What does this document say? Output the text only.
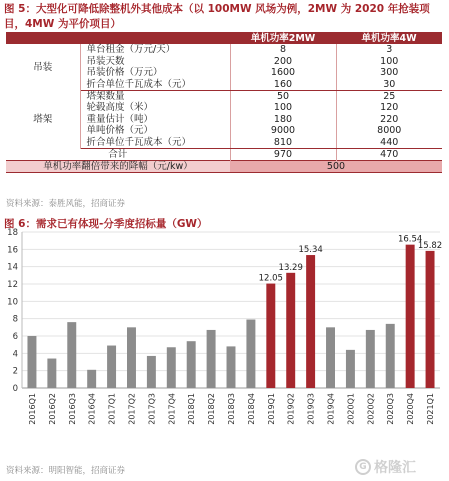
图 5：大型化可降低除整机外其他成本（以 100MW 风场为例，2MW 为 2020 年抢装项目，4MW 为平价项目）
		单机功率2MW	单机功率4W
吊装	单台租金（万元/天）	8	3
	吊装天数	200	100
	吊装价格（万元）	1600	300
	折合单位千瓦成本（元）	160	30
塔架	塔架数量	50	25
	轮毂高度（米）	100	120
	重量估计（吨）	180	220
	单吨价格（元）	9000	8000
	折合单位千瓦成本（元）	810	440
合计		970	470
单机功率翻倍带来的降幅（元/kw）		500	
资料来源：泰胜风能，招商证券
图 6：需求已有体现-分季度招标量（GW）
0
2
4
6
8
10
12
14
16
18
2016Q1 2016Q2 2016Q3 2016Q4 2017Q1 2017Q2 2017Q3 2017Q4 2018Q1 2018Q2 2018Q3 2018Q4
12.05
2019Q1
13.29
2019Q2
15.34
2019Q3 2019Q4 2020Q1 2020Q2 2020Q3
16.54
2020Q4
15.82
2021Q1
资料来源：明阳智能，招商证券	G 格隆汇
